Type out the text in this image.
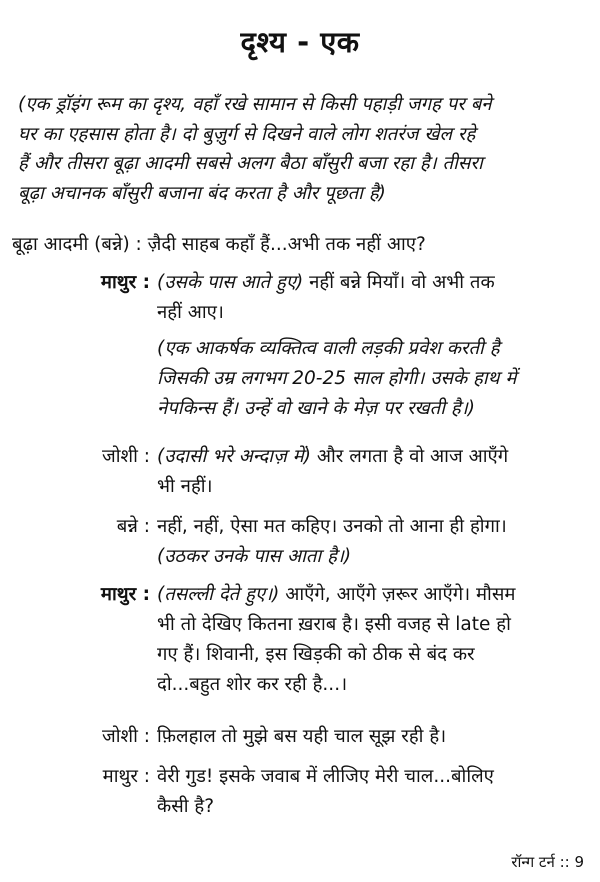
दृश्य - एक
(एक ड्रॉइंग रूम का दृश्य, वहाँ रखे सामान से किसी पहाड़ी जगह पर बने
घर का एहसास होता है। दो बुज़ुर्ग से दिखने वाले लोग शतरंज खेल रहे
हैं और तीसरा बूढ़ा आदमी सबसे अलग बैठा बाँसुरी बजा रहा है। तीसरा
बूढ़ा अचानक बाँसुरी बजाना बंद करता है और पूछता है)
बूढ़ा आदमी (बन्ने) : ज़ैदी साहब कहाँ हैं...अभी तक नहीं आए?
माथुर : (उसके पास आते हुए) नहीं बन्ने मियाँ। वो अभी तक
नहीं आए।
(एक आकर्षक व्यक्तित्व वाली लड़की प्रवेश करती है
जिसकी उम्र लगभग 20-25 साल होगी। उसके हाथ में
नेपकिन्स हैं। उन्हें वो खाने के मेज़ पर रखती है।)
जोशी : (उदासी भरे अन्दाज़ में) और लगता है वो आज आएँगे
भी नहीं।
बन्ने : नहीं, नहीं, ऐसा मत कहिए। उनको तो आना ही होगा।
(उठकर उनके पास आता है।)
माथुर : (तसल्ली देते हुए।) आएँगे, आएँगे ज़रूर आएँगे। मौसम
भी तो देखिए कितना ख़राब है। इसी वजह से late हो
गए हैं। शिवानी, इस खिड़की को ठीक से बंद कर
दो...बहुत शोर कर रही है...।
जोशी : फ़िलहाल तो मुझे बस यही चाल सूझ रही है।
माथुर : वेरी गुड! इसके जवाब में लीजिए मेरी चाल...बोलिए
कैसी है?
रॉन्ग टर्न :: 9
